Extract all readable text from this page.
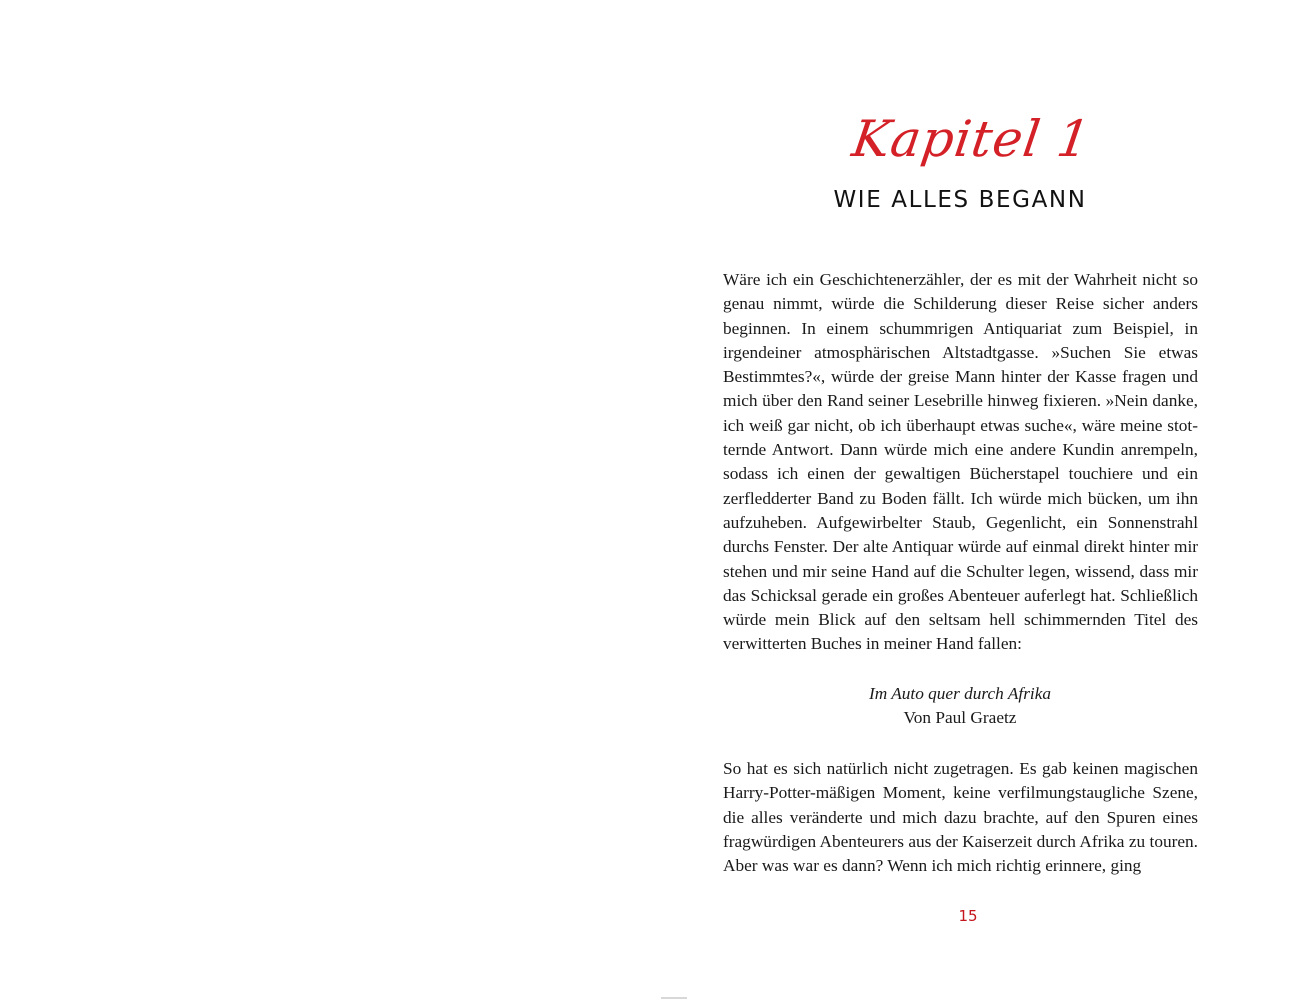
Kapitel 1
WIE ALLES BEGANN
Wäre ich ein Geschichtenerzähler, der es mit der Wahrheit nicht so genau nimmt, würde die Schilderung dieser Reise sicher anders beginnen. In einem schummrigen Antiquariat zum Beispiel, in irgendeiner atmosphärischen Altstadtgasse. »Suchen Sie etwas Bestimmtes?«, würde der greise Mann hinter der Kasse fragen und mich über den Rand seiner Lesebrille hinweg fixieren. »Nein danke, ich weiß gar nicht, ob ich überhaupt etwas suche«, wäre meine stotternde Antwort. Dann würde mich eine andere Kundin anrempeln, sodass ich einen der gewaltigen Bücherstapel touchiere und ein zerfledderter Band zu Boden fällt. Ich würde mich bücken, um ihn aufzuheben. Aufgewirbelter Staub, Gegenlicht, ein Sonnenstrahl durchs Fenster. Der alte Antiquar würde auf einmal direkt hinter mir stehen und mir seine Hand auf die Schulter legen, wissend, dass mir das Schicksal gerade ein großes Abenteuer auferlegt hat. Schließlich würde mein Blick auf den seltsam hell schimmernden Titel des verwitterten Buches in meiner Hand fallen:
Im Auto quer durch Afrika
Von Paul Graetz
So hat es sich natürlich nicht zugetragen. Es gab keinen magischen Harry-Potter-mäßigen Moment, keine verfilmungstaugliche Szene, die alles veränderte und mich dazu brachte, auf den Spuren eines fragwürdigen Abenteurers aus der Kaiserzeit durch Afrika zu touren. Aber was war es dann? Wenn ich mich richtig erinnere, ging
15
